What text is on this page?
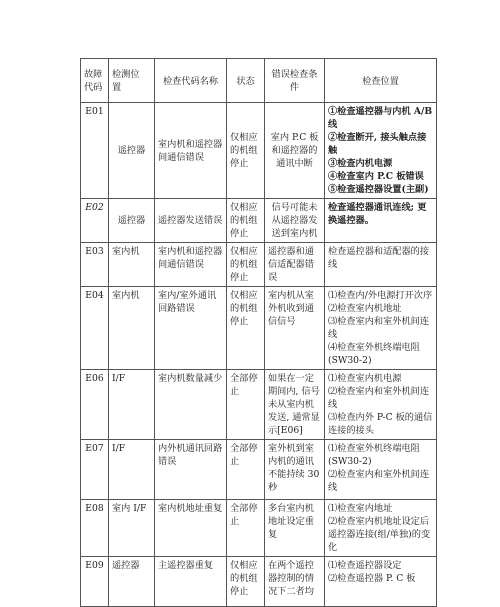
故障
代码	检测位
置	检查代码名称	状态	错误检查条件	检查位置
E01	遥控器	室内机和遥控器间通信错误	仅相应的机组停止	室内 P.C 板和遥控器的通讯中断	①检查遥控器与内机 A/B 线
②检查断开, 接头触点接触
③检查内机电源
④检查室内 P.C 板错误
⑤检查遥控器设置(主副)

E02	遥控器	遥控器发送错误	仅相应的机组停止	信号可能未从遥控器发送到室内机	检查遥控器通讯连线; 更换遥控器。

E03	室内机	室内机和遥控器间通信错误	仅相应的机组停止	遥控器和通信适配器错误	检查遥控器和适配器的接线

E04	室内机	室内/室外通讯回路错误	仅相应的机组停止	室内机从室外机收到通信信号	⑴检查内/外电源打开次序
⑵检查室内机地址
⑶检查室内和室外机间连线
⑷检查室外机终端电阻
(SW30-2)

E06	I/F	室内机数量减少	全部停止	如果在一定期间内, 信号未从室内机发送, 通常显示[E06]	⑴检查室内机电源
⑵检查室内和室外机间连线
⑶检查内外 P-C 板的通信连接的接头

E07	I/F	内外机通讯回路错误	全部停止	室外机到室内机的通讯不能持续 30 秒	⑴检查室外机终端电阻
(SW30-2)
⑵检查室内和室外机间连线

E08	室内 I/F	室内机地址重复	全部停止	多台室内机地址设定重复	⑴检查室内地址
⑵检查室内机地址设定后遥控器连接(组/单独)的变化

E09	遥控器	主遥控器重复	仅相应的机组停止	在两个遥控器控制的情况下二者均	⑴检查遥控器设定
⑵检查遥控器 P. C 板
